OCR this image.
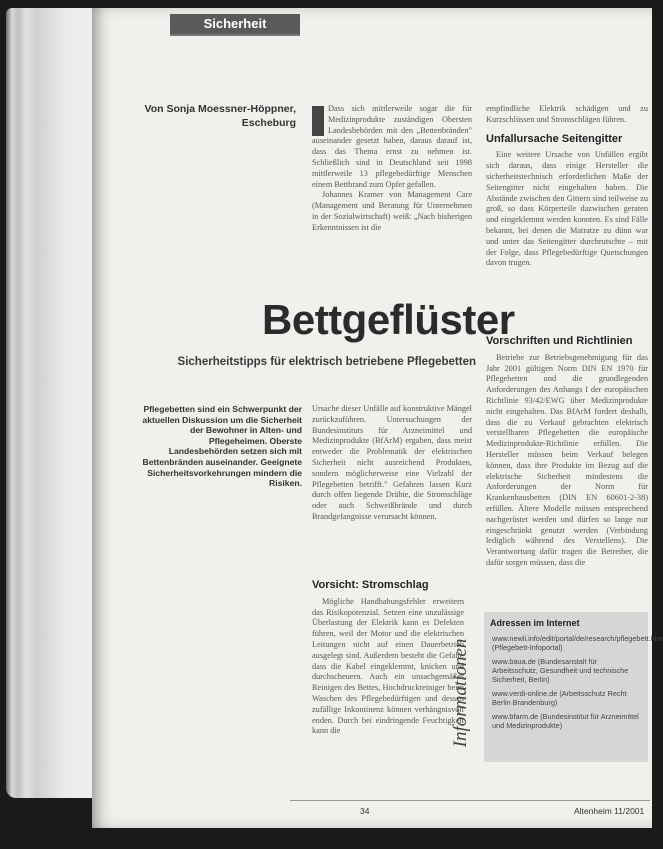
Sicherheit
Von Sonja Moessner-Höppner,
Escheburg

Dass sich mittlerweile sogar die für Medizinprodukte zuständigen Obersten Landesbehörden mit den „Bettenbränden" auseinander gesetzt haben, daraus darauf ist, dass das Thema ernst zu nehmen ist. Schließlich sind in Deutschland seit 1998 mittlerweile 13 pflegebedürftige Menschen einem Bettbrand zum Opfer gefallen.

Johannes Kramer von Management Care (Management und Beratung für Unternehmen in der Sozialwirtschaft) weiß: „Nach bisherigen Erkenntnissen ist die

empfindliche Elektrik schädigen und zu Kurzschlüssen und Stromschlägen führen.

Unfallursache Seitengitter

Eine weitere Ursache von Unfällen ergibt sich daraus, dass einige Hersteller die sicherheitstechnisch erforderlichen Maße der Seitengitter nicht eingehalten haben. Die Abstände zwischen den Gittern sind teilweise zu groß, so dass Körperteile dazwischen geraten und eingeklemmt werden konnten. Es sind Fälle bekannt, bei denen die Matratze zu dünn war und unter das Seitengitter durchrutschte – mit der Folge, dass Pflegebedürftige Quetschungen davon trugen.

Bettgeflüster
Sicherheitstipps für elektrisch betriebene Pflegebetten
Pflegebetten sind ein Schwerpunkt der aktuellen Diskussion um die Sicherheit der Bewohner in Alten- und Pflegeheimen. Oberste Landesbehörden setzen sich mit Bettenbränden auseinander. Geeignete Sicherheitsvorkehrungen mindern die Risiken.

Ursache dieser Unfälle auf konstruktive Mängel zurückzuführen. Untersuchungen der Bundesinstituts für Arzneimittel und Medizinprodukte (BfArM) ergaben, dass meist entweder die Problematik der elektrischen Sicherheit nicht ausreichend Produkten, sondern möglicherweise eine Vielzahl der Pflegebetten betrifft." Gefahren lassen Kurz durch offen liegende Drähte, die Stromschläge oder auch Schweißbrände und durch Brandgefangnisse verursacht können.

Vorsicht: Stromschlag

Mögliche Handhabungsfehler erweitern das Risikopotenzial. Setzen eine unzulässige Überlastung der Elektrik kann es Defekten führen, weil der Motor und die elektrischen Leitungen nicht auf einen Dauerbetrieb ausgelegt sind. Außerdem besteht die Gefahr, dass die Kabel eingeklemmt, knicken und durchscheuern. Auch ein unsachgemäßes Reinigen des Bettes, Hochdruckreiniger beim Waschen des Pflegebedürftigen und dessen zufällige Inkontinenz können verhängnisvoll enden. Durch bei eindringende Feuchtigkeit kann die

Vorschriften und Richtlinien

Betriebe zur Betriebsgenehmigung für das Jahr 2001 gültigen Norm DIN EN 1970 für Pflegebetten und die grundlegenden Anforderungen des Anhangs I der europäischen Richtlinie 93/42/EWG über Medizinprodukte nicht eingehalten. Das BfArM fordert deshalb, dass die zu Verkauf gebrachten elektrisch verstellbaren Pflegebetten die europäische Medizinprodukte-Richtlinie erfüllen. Die Hersteller müssen beim Verkauf belegen können, dass ihre Produkte im Bezug auf die elektrische Sicherheit mindestens die Anforderungen der Norm für Krankenhausbetten (DIN EN 60601-2-38) erfüllen. Ältere Modelle müssen entsprechend nachgerüstet werden und dürfen so lange nur eingeschränkt genutzt werden (Verbindung lediglich während des Verstellens). Die Verantwortung dafür tragen die Betreiber, die dafür sorgen müssen, dass die

Informationen
Adressen im Internet
www.newli.info/edit/portal/de/research/pflegebett.htm (Pflegebett-Infoportal)
www.baua.de (Bundesanstalt für Arbeitsschutz, Gesundheit und technische Sicherheit, Berlin)
www.verdi-online.de (Arbeitsschutz Recht Berlin Brandenburg)
www.bfarm.de (Bundesinstitut für Arzneimittel und Medizinprodukte)
34	Altenheim 11/2001
